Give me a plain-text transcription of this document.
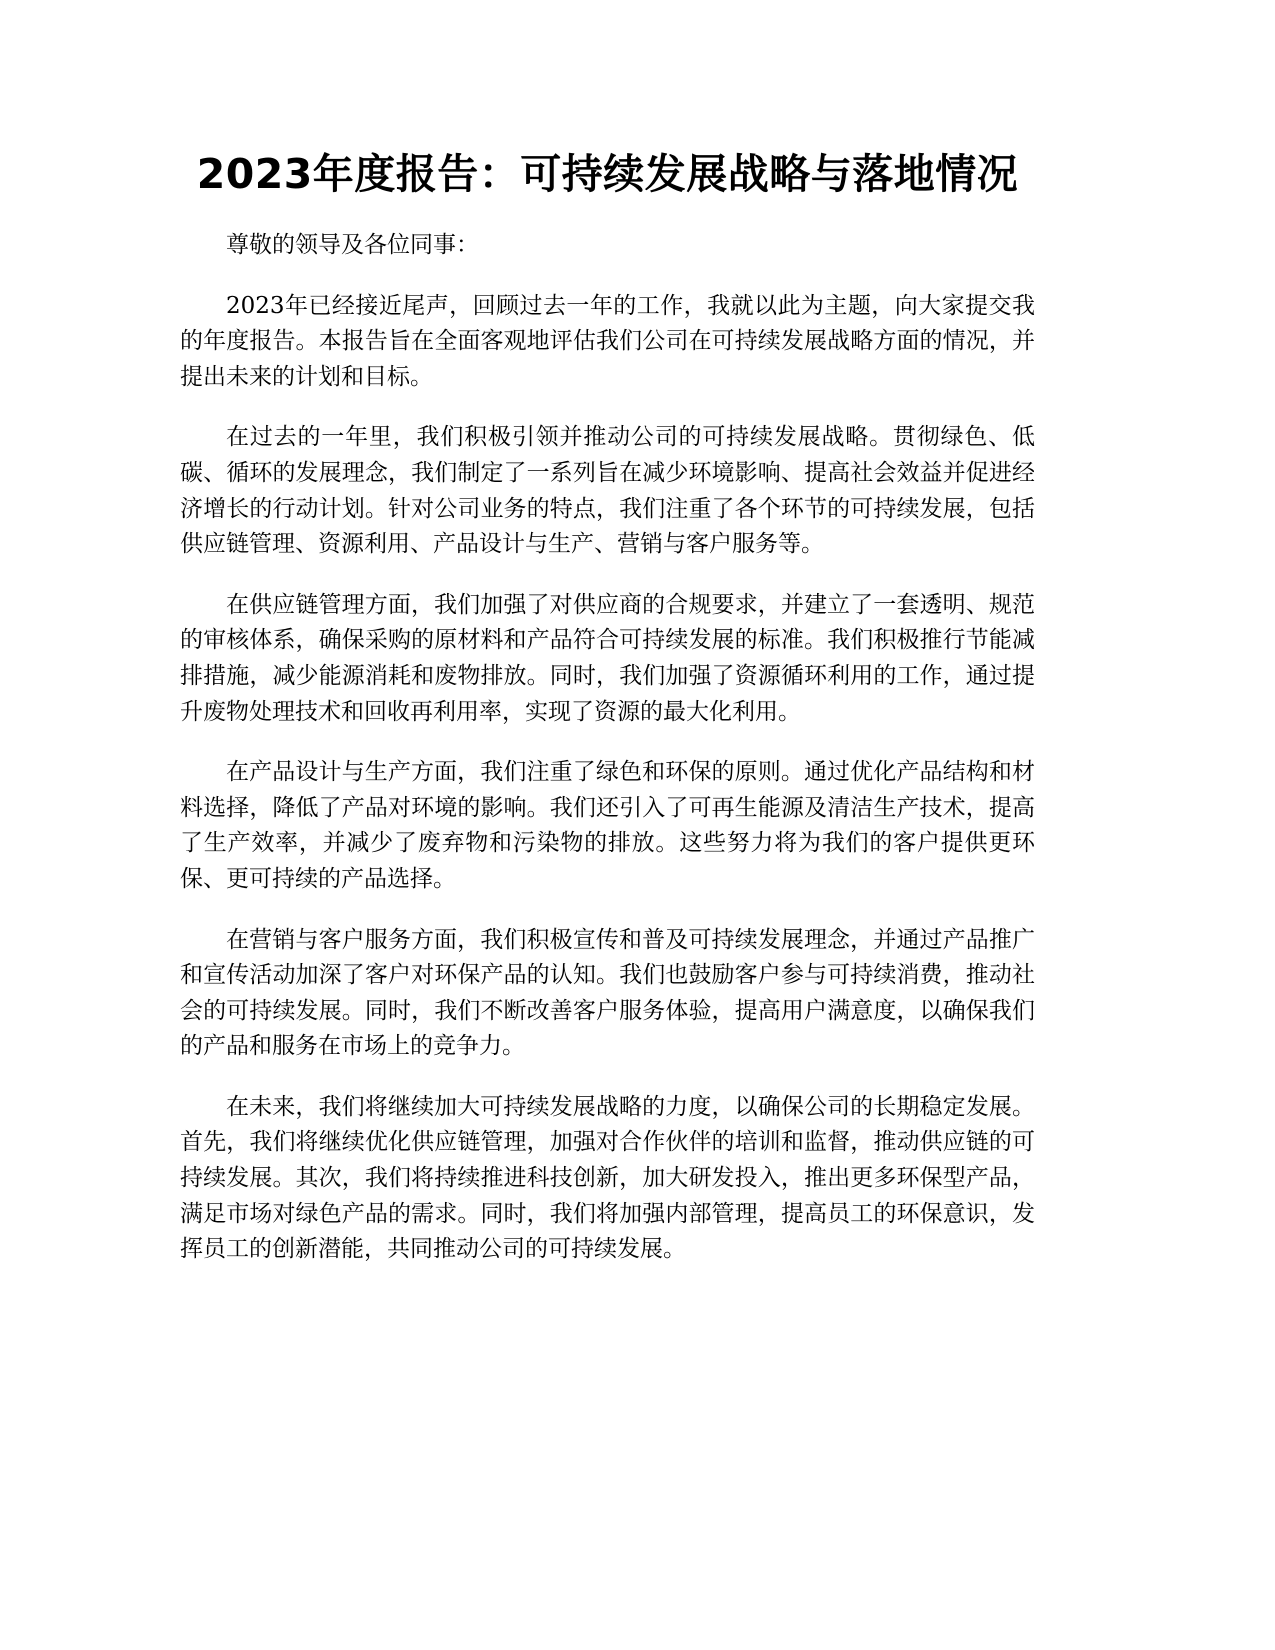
2023年度报告：可持续发展战略与落地情况

尊敬的领导及各位同事：

2023年已经接近尾声，回顾过去一年的工作，我就以此为主题，向大家提交我的年度报告。本报告旨在全面客观地评估我们公司在可持续发展战略方面的情况，并提出未来的计划和目标。

在过去的一年里，我们积极引领并推动公司的可持续发展战略。贯彻绿色、低碳、循环的发展理念，我们制定了一系列旨在减少环境影响、提高社会效益并促进经济增长的行动计划。针对公司业务的特点，我们注重了各个环节的可持续发展，包括供应链管理、资源利用、产品设计与生产、营销与客户服务等。

在供应链管理方面，我们加强了对供应商的合规要求，并建立了一套透明、规范的审核体系，确保采购的原材料和产品符合可持续发展的标准。我们积极推行节能减排措施，减少能源消耗和废物排放。同时，我们加强了资源循环利用的工作，通过提升废物处理技术和回收再利用率，实现了资源的最大化利用。

在产品设计与生产方面，我们注重了绿色和环保的原则。通过优化产品结构和材料选择，降低了产品对环境的影响。我们还引入了可再生能源及清洁生产技术，提高了生产效率，并减少了废弃物和污染物的排放。这些努力将为我们的客户提供更环保、更可持续的产品选择。

在营销与客户服务方面，我们积极宣传和普及可持续发展理念，并通过产品推广和宣传活动加深了客户对环保产品的认知。我们也鼓励客户参与可持续消费，推动社会的可持续发展。同时，我们不断改善客户服务体验，提高用户满意度，以确保我们的产品和服务在市场上的竞争力。

在未来，我们将继续加大可持续发展战略的力度，以确保公司的长期稳定发展。首先，我们将继续优化供应链管理，加强对合作伙伴的培训和监督，推动供应链的可持续发展。其次，我们将持续推进科技创新，加大研发投入，推出更多环保型产品，满足市场对绿色产品的需求。同时，我们将加强内部管理，提高员工的环保意识，发挥员工的创新潜能，共同推动公司的可持续发展。
